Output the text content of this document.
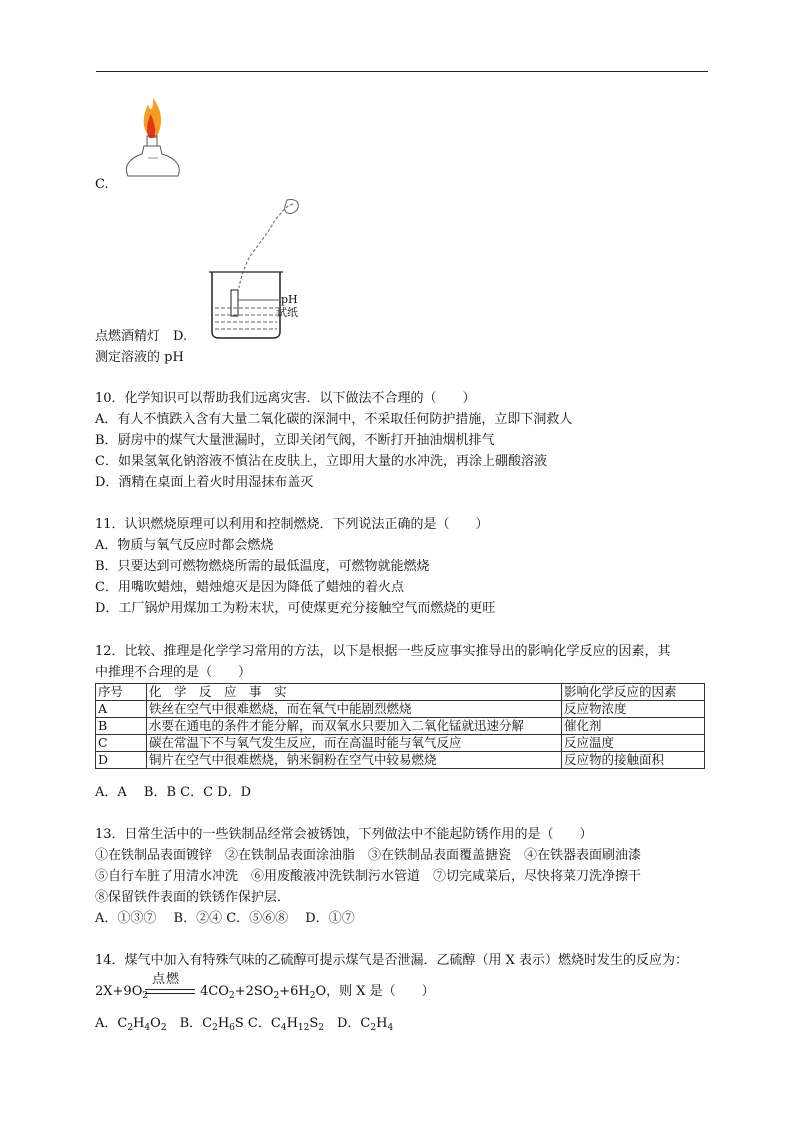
C.
pH
试纸
点燃酒精灯　 D.
测定溶液的 pH

10．化学知识可以帮助我们远离灾害．以下做法不合理的（　　）

A．有人不慎跌入含有大量二氧化碳的深洞中，不采取任何防护措施，立即下洞救人

B．厨房中的煤气大量泄漏时，立即关闭气阀，不断打开抽油烟机排气

C．如果氢氧化钠溶液不慎沾在皮肤上，立即用大量的水冲洗，再涂上硼酸溶液

D．酒精在桌面上着火时用湿抹布盖灭

11．认识燃烧原理可以利用和控制燃烧．下列说法正确的是（　　）

A．物质与氧气反应时都会燃烧

B．只要达到可燃物燃烧所需的最低温度，可燃物就能燃烧

C．用嘴吹蜡烛，蜡烛熄灭是因为降低了蜡烛的着火点

D．工厂锅炉用煤加工为粉末状，可使煤更充分接触空气而燃烧的更旺

12．比较、推理是化学学习常用的方法，以下是根据一些反应事实推导出的影响化学反应的因素，其

中推理不合理的是（　　）

序号	化　学　反　应　事　实	影响化学反应的因素
A	铁丝在空气中很难燃烧，而在氧气中能剧烈燃烧	反应物浓度
B	水要在通电的条件才能分解，而双氧水只要加入二氧化锰就迅速分解	催化剂
C	碳在常温下不与氧气发生反应，而在高温时能与氧气反应	反应温度
D	铜片在空气中很难燃烧，钠米铜粉在空气中较易燃烧	反应物的接触面积
A．A　 B．B C．C D．D

13．日常生活中的一些铁制品经常会被锈蚀，下列做法中不能起防锈作用的是（　　）

①在铁制品表面镀锌　②在铁制品表面涂油脂　③在铁制品表面覆盖搪瓷　④在铁器表面刷油漆

⑤自行车脏了用清水冲洗　⑥用废酸液冲洗铁制污水管道　⑦切完咸菜后，尽快将菜刀洗净擦干

⑧保留铁件表面的铁锈作保护层．

A．①③⑦　 B．②④ C．⑤⑥⑧　 D．①⑦

14．煤气中加入有特殊气味的乙硫醇可提示煤气是否泄漏．乙硫醇（用 X 表示）燃烧时发生的反应为：
点燃
$2X+9O_2$	$4CO_2+2SO_2+6H_2O$，则 X 是（　　）
A．$C_2H_4O_2$　B．$C_2H_6S$ C．$C_4H_{12}S_2$　D．$C_2H_4$
